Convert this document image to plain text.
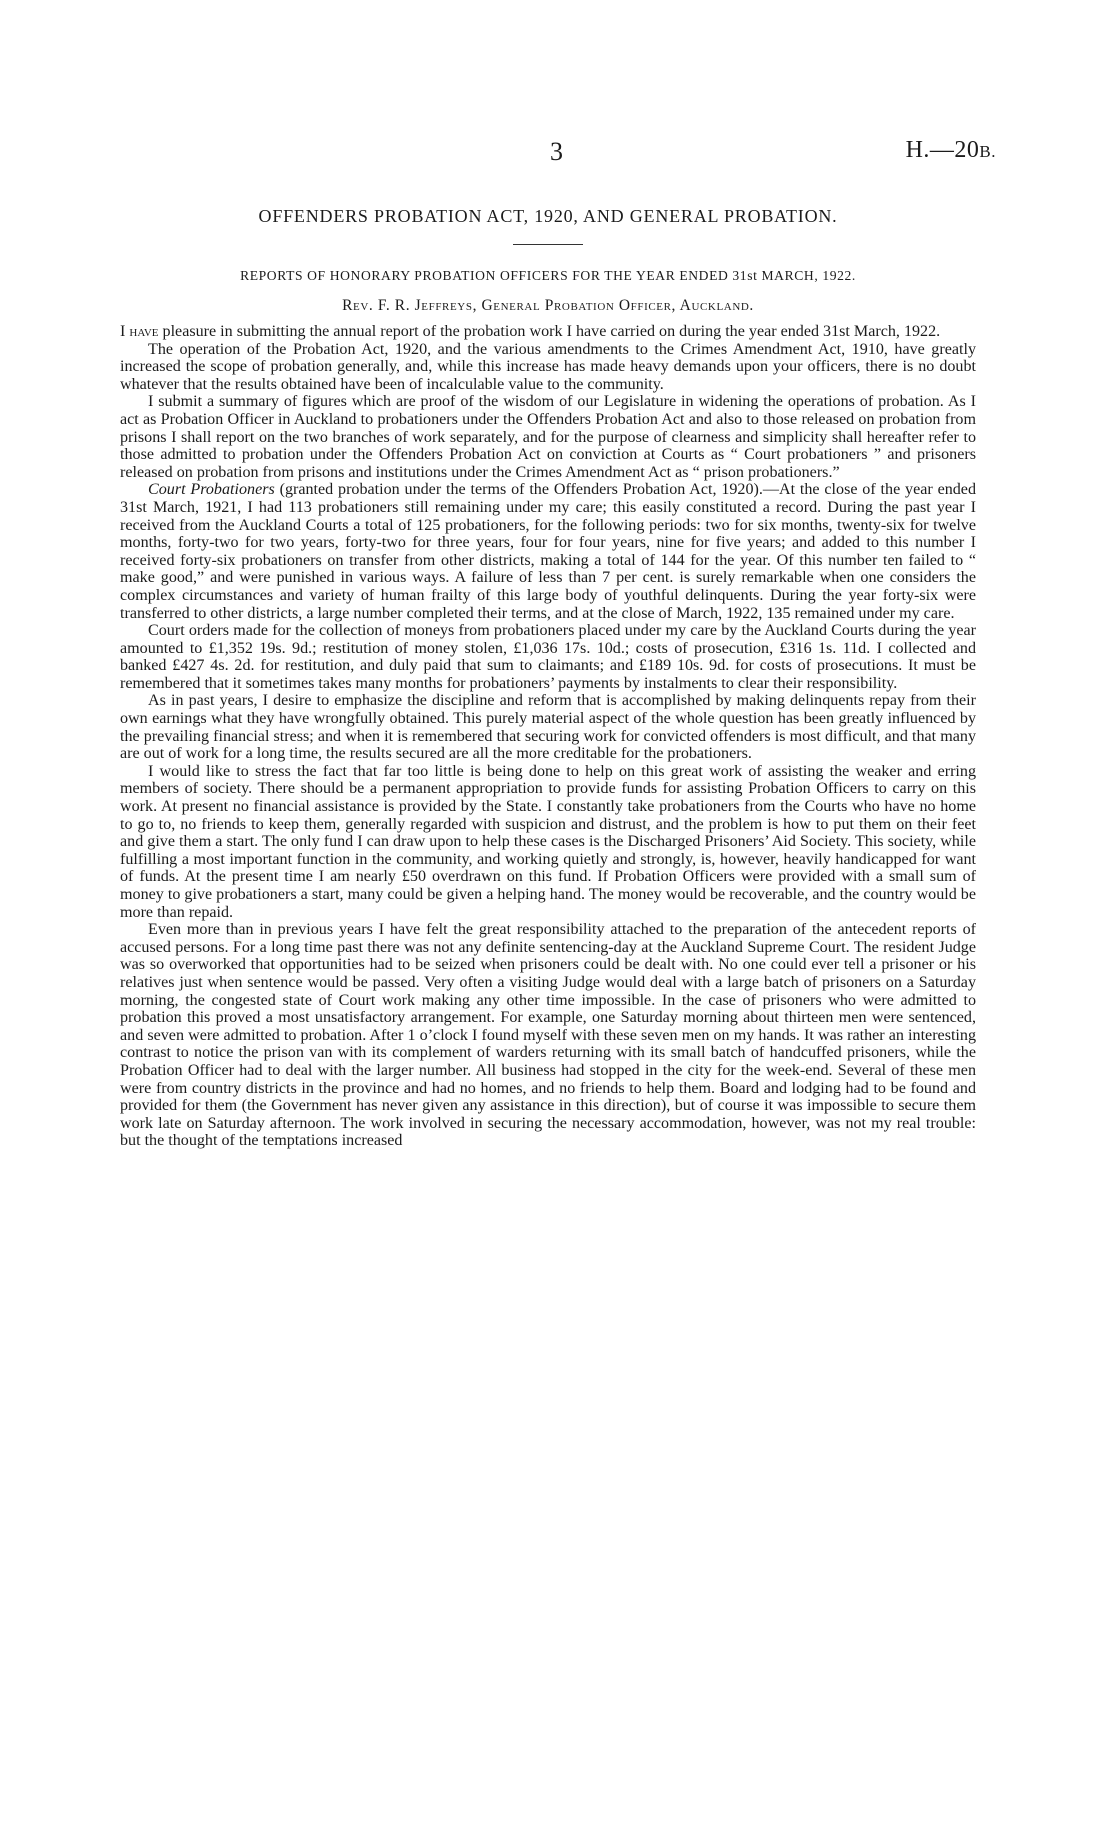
3	H.—20B.
OFFENDERS PROBATION ACT, 1920, AND GENERAL PROBATION.
REPORTS OF HONORARY PROBATION OFFICERS FOR THE YEAR ENDED 31st MARCH, 1922.
Rev. F. R. Jeffreys, General Probation Officer, Auckland.

I have pleasure in submitting the annual report of the probation work I have carried on during the year ended 31st March, 1922.

The operation of the Probation Act, 1920, and the various amendments to the Crimes Amendment Act, 1910, have greatly increased the scope of probation generally, and, while this increase has made heavy demands upon your officers, there is no doubt whatever that the results obtained have been of incalculable value to the community.

I submit a summary of figures which are proof of the wisdom of our Legislature in widening the operations of probation. As I act as Probation Officer in Auckland to probationers under the Offenders Probation Act and also to those released on probation from prisons I shall report on the two branches of work separately, and for the purpose of clearness and simplicity shall hereafter refer to those admitted to probation under the Offenders Probation Act on conviction at Courts as “ Court probationers ” and prisoners released on probation from prisons and institutions under the Crimes Amendment Act as “ prison probationers.”

Court Probationers (granted probation under the terms of the Offenders Probation Act, 1920).—At the close of the year ended 31st March, 1921, I had 113 probationers still remaining under my care; this easily constituted a record. During the past year I received from the Auckland Courts a total of 125 probationers, for the following periods: two for six months, twenty-six for twelve months, forty-two for two years, forty-two for three years, four for four years, nine for five years; and added to this number I received forty-six probationers on transfer from other districts, making a total of 144 for the year. Of this number ten failed to “ make good,” and were punished in various ways. A failure of less than 7 per cent. is surely remarkable when one considers the complex circumstances and variety of human frailty of this large body of youthful delinquents. During the year forty-six were transferred to other districts, a large number completed their terms, and at the close of March, 1922, 135 remained under my care.

Court orders made for the collection of moneys from probationers placed under my care by the Auckland Courts during the year amounted to £1,352 19s. 9d.; restitution of money stolen, £1,036 17s. 10d.; costs of prosecution, £316 1s. 11d. I collected and banked £427 4s. 2d. for restitution, and duly paid that sum to claimants; and £189 10s. 9d. for costs of prosecutions. It must be remembered that it sometimes takes many months for probationers’ payments by instalments to clear their responsibility.

As in past years, I desire to emphasize the discipline and reform that is accomplished by making delinquents repay from their own earnings what they have wrongfully obtained. This purely material aspect of the whole question has been greatly influenced by the prevailing financial stress; and when it is remembered that securing work for convicted offenders is most difficult, and that many are out of work for a long time, the results secured are all the more creditable for the probationers.

I would like to stress the fact that far too little is being done to help on this great work of assisting the weaker and erring members of society. There should be a permanent appropriation to provide funds for assisting Probation Officers to carry on this work. At present no financial assistance is provided by the State. I constantly take probationers from the Courts who have no home to go to, no friends to keep them, generally regarded with suspicion and distrust, and the problem is how to put them on their feet and give them a start. The only fund I can draw upon to help these cases is the Discharged Prisoners’ Aid Society. This society, while fulfilling a most important function in the community, and working quietly and strongly, is, however, heavily handicapped for want of funds. At the present time I am nearly £50 overdrawn on this fund. If Probation Officers were provided with a small sum of money to give probationers a start, many could be given a helping hand. The money would be recoverable, and the country would be more than repaid.

Even more than in previous years I have felt the great responsibility attached to the preparation of the antecedent reports of accused persons. For a long time past there was not any definite sentencing-day at the Auckland Supreme Court. The resident Judge was so overworked that opportunities had to be seized when prisoners could be dealt with. No one could ever tell a prisoner or his relatives just when sentence would be passed. Very often a visiting Judge would deal with a large batch of prisoners on a Saturday morning, the congested state of Court work making any other time impossible. In the case of prisoners who were admitted to probation this proved a most unsatisfactory arrangement. For example, one Saturday morning about thirteen men were sentenced, and seven were admitted to probation. After 1 o’clock I found myself with these seven men on my hands. It was rather an interesting contrast to notice the prison van with its complement of warders returning with its small batch of handcuffed prisoners, while the Probation Officer had to deal with the larger number. All business had stopped in the city for the week-end. Several of these men were from country districts in the province and had no homes, and no friends to help them. Board and lodging had to be found and provided for them (the Government has never given any assistance in this direction), but of course it was impossible to secure them work late on Saturday afternoon. The work involved in securing the necessary accommodation, however, was not my real trouble: but the thought of the temptations increased
